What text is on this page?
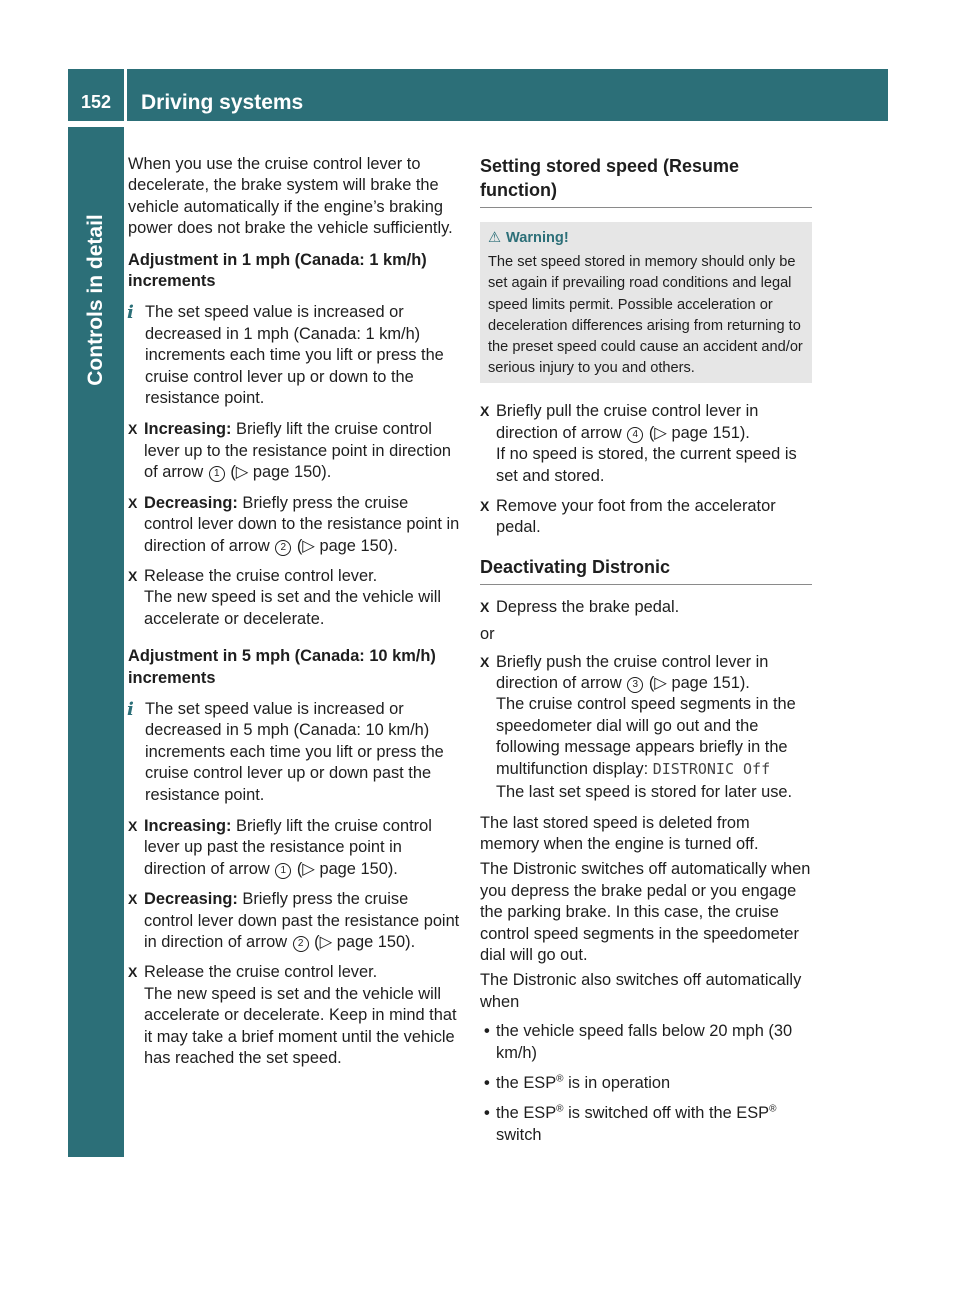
152	Driving systems
Controls in detail

When you use the cruise control lever to decelerate, the brake system will brake the vehicle automatically if the engine’s braking power does not brake the vehicle sufficiently.

Adjustment in 1 mph (Canada: 1 km/h) increments
i The set speed value is increased or decreased in 1 mph (Canada: 1 km/h) increments each time you lift or press the cruise control lever up or down to the resistance point.
X Increasing: Briefly lift the cruise control lever up to the resistance point in direction of arrow 1 (▷ page 150).
X Decreasing: Briefly press the cruise control lever down to the resistance point in direction of arrow 2 (▷ page 150).
X Release the cruise control lever.
The new speed is set and the vehicle will accelerate or decelerate.
Adjustment in 5 mph (Canada: 10 km/h) increments
i The set speed value is increased or decreased in 5 mph (Canada: 10 km/h) increments each time you lift or press the cruise control lever up or down past the resistance point.
X Increasing: Briefly lift the cruise control lever up past the resistance point in direction of arrow 1 (▷ page 150).
X Decreasing: Briefly press the cruise control lever down past the resistance point in direction of arrow 2 (▷ page 150).
X Release the cruise control lever.
The new speed is set and the vehicle will accelerate or decelerate. Keep in mind that it may take a brief moment until the vehicle has reached the set speed.
Setting stored speed (Resume function)
⚠ Warning!
The set speed stored in memory should only be set again if prevailing road conditions and legal speed limits permit. Possible acceleration or deceleration differences arising from returning to the preset speed could cause an accident and/or serious injury to you and others.
X Briefly pull the cruise control lever in direction of arrow 4 (▷ page 151).
If no speed is stored, the current speed is set and stored.
X Remove your foot from the accelerator pedal.
Deactivating Distronic
X Depress the brake pedal.

or

X Briefly push the cruise control lever in direction of arrow 3 (▷ page 151).
The cruise control speed segments in the speedometer dial will go out and the following message appears briefly in the multifunction display: DISTRONIC Off
The last set speed is stored for later use.

The last stored speed is deleted from memory when the engine is turned off.

The Distronic switches off automatically when you depress the brake pedal or you engage the parking brake. In this case, the cruise control speed segments in the speedometer dial will go out.

The Distronic also switches off automatically when

• the vehicle speed falls below 20 mph (30 km/h)
• the ESP® is in operation
• the ESP® is switched off with the ESP® switch
